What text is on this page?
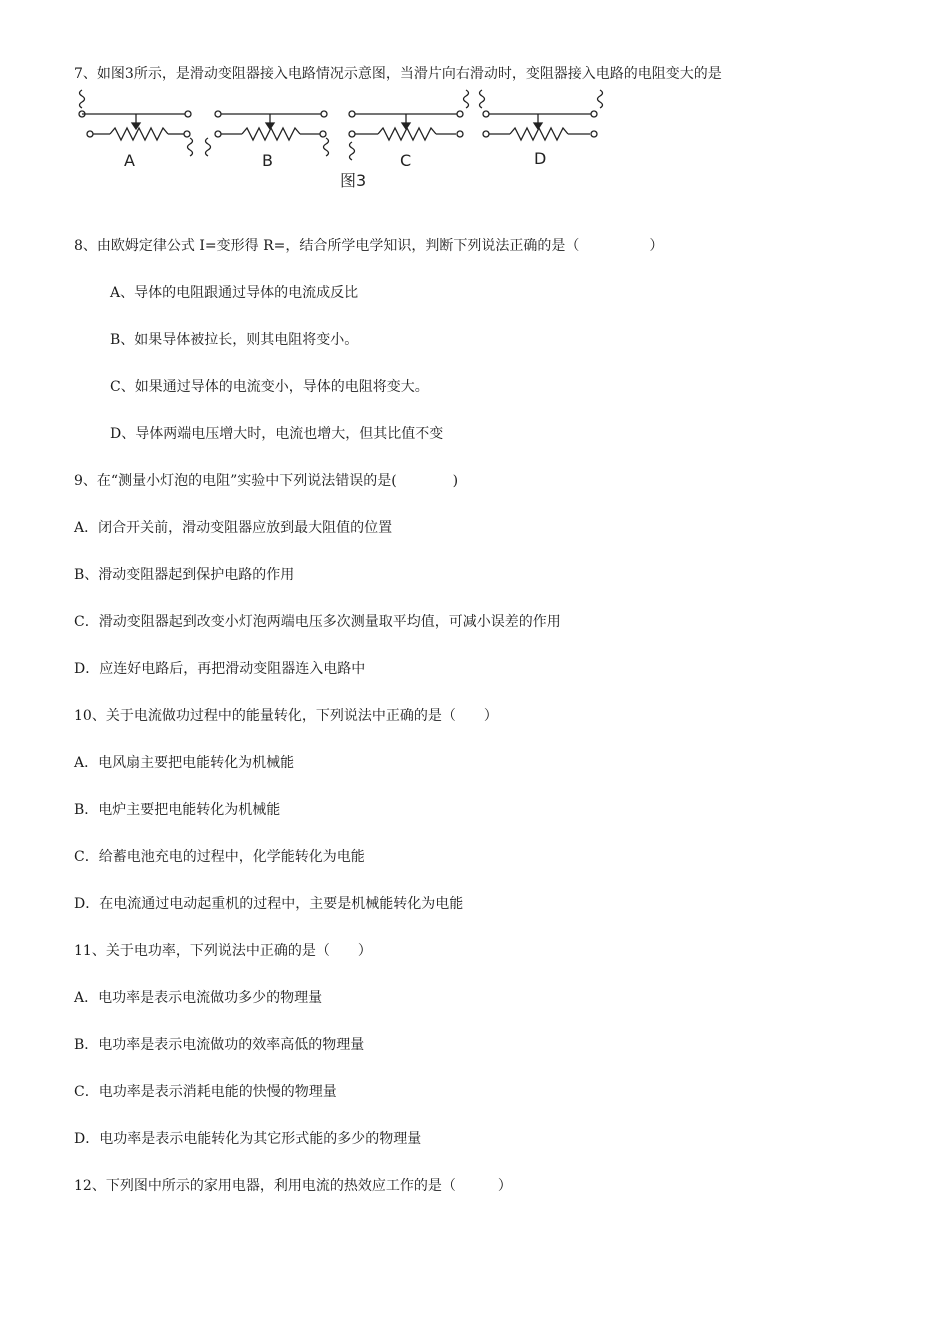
7、如图3所示，是滑动变阻器接入电路情况示意图，当滑片向右滑动时，变阻器接入电路的电阻变大的是
A	B	C	D
图3
8、由欧姆定律公式 I=变形得 R=，结合所学电学知识，判断下列说法正确的是（　　　　　）
A、导体的电阻跟通过导体的电流成反比
B、如果导体被拉长，则其电阻将变小。
C、如果通过导体的电流变小，导体的电阻将变大。
D、导体两端电压增大时，电流也增大，但其比值不变
9、在“测量小灯泡的电阻”实验中下列说法错误的是(　　　　)
A．闭合开关前，滑动变阻器应放到最大阻值的位置
B、滑动变阻器起到保护电路的作用
C．滑动变阻器起到改变小灯泡两端电压多次测量取平均值，可减小误差的作用
D．应连好电路后，再把滑动变阻器连入电路中
10、关于电流做功过程中的能量转化，下列说法中正确的是（　　）
A．电风扇主要把电能转化为机械能
B．电炉主要把电能转化为机械能
C．给蓄电池充电的过程中，化学能转化为电能
D．在电流通过电动起重机的过程中，主要是机械能转化为电能
11、关于电功率，下列说法中正确的是（　　）
A．电功率是表示电流做功多少的物理量
B．电功率是表示电流做功的效率高低的物理量
C．电功率是表示消耗电能的快慢的物理量
D．电功率是表示电能转化为其它形式能的多少的物理量
12、下列图中所示的家用电器，利用电流的热效应工作的是（　　　）
